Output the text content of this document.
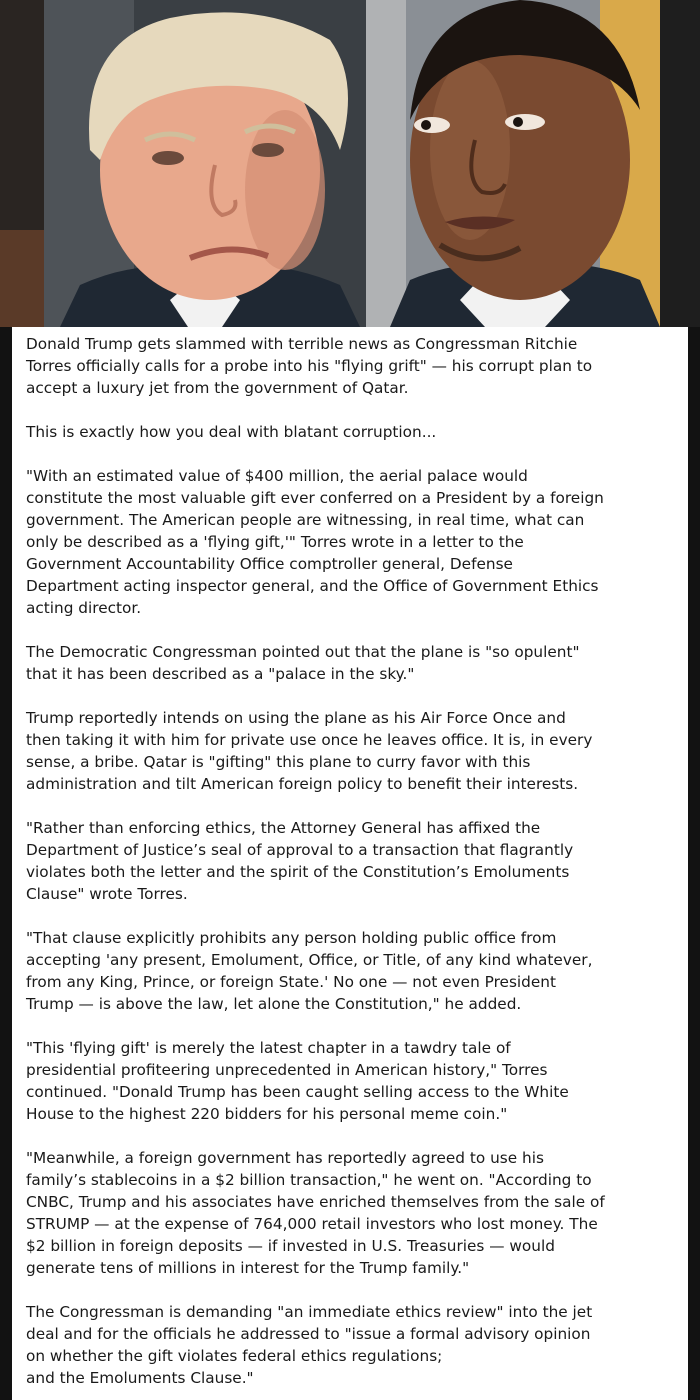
Donald Trump gets slammed with terrible news as Congressman Ritchie
Torres officially calls for a probe into his "flying grift" — his corrupt plan to
accept a luxury jet from the government of Qatar.

This is exactly how you deal with blatant corruption...

"With an estimated value of $400 million, the aerial palace would
constitute the most valuable gift ever conferred on a President by a foreign
government. The American people are witnessing, in real time, what can
only be described as a 'flying gift,'" Torres wrote in a letter to the
Government Accountability Office comptroller general, Defense
Department acting inspector general, and the Office of Government Ethics
acting director.

The Democratic Congressman pointed out that the plane is "so opulent"
that it has been described as a "palace in the sky."

Trump reportedly intends on using the plane as his Air Force Once and
then taking it with him for private use once he leaves office. It is, in every
sense, a bribe. Qatar is "gifting" this plane to curry favor with this
administration and tilt American foreign policy to benefit their interests.

"Rather than enforcing ethics, the Attorney General has affixed the
Department of Justice’s seal of approval to a transaction that flagrantly
violates both the letter and the spirit of the Constitution’s Emoluments
Clause" wrote Torres.

"That clause explicitly prohibits any person holding public office from
accepting 'any present, Emolument, Office, or Title, of any kind whatever,
from any King, Prince, or foreign State.' No one — not even President
Trump — is above the law, let alone the Constitution," he added.

"This 'flying gift' is merely the latest chapter in a tawdry tale of
presidential profiteering unprecedented in American history," Torres
continued. "Donald Trump has been caught selling access to the White
House to the highest 220 bidders for his personal meme coin."

"Meanwhile, a foreign government has reportedly agreed to use his
family’s stablecoins in a $2 billion transaction," he went on. "According to
CNBC, Trump and his associates have enriched themselves from the sale of
STRUMP — at the expense of 764,000 retail investors who lost money. The
$2 billion in foreign deposits — if invested in U.S. Treasuries — would
generate tens of millions in interest for the Trump family."

The Congressman is demanding "an immediate ethics review" into the jet
deal and for the officials he addressed to "issue a formal advisory opinion
on whether the gift violates federal ethics regulations;
and the Emoluments Clause."
